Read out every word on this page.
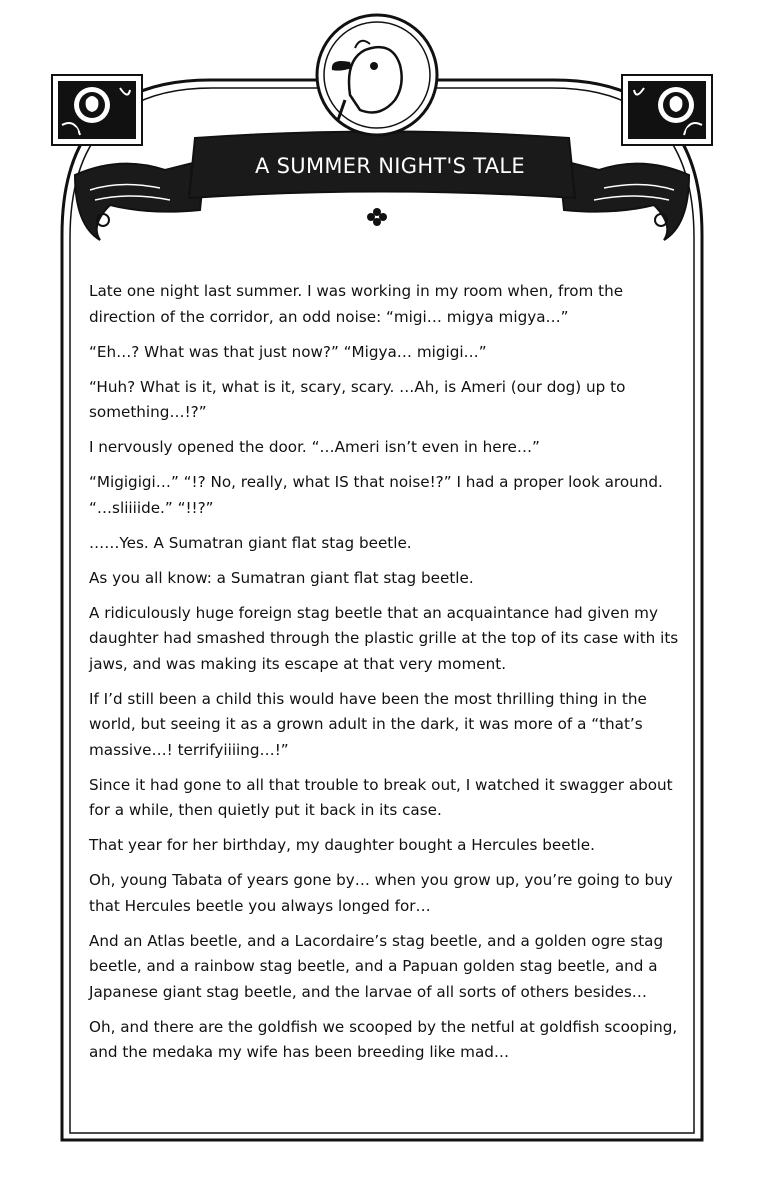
A SUMMER NIGHT'S TALE

Late one night last summer. I was working in my room when, from the direction of the corridor, an odd noise: “migi… migya migya…”

“Eh…? What was that just now?” “Migya… migigi…”

“Huh? What is it, what is it, scary, scary. …Ah, is Ameri (our dog) up to something…!?”

I nervously opened the door. “…Ameri isn’t even in here…”

“Migigigi…” “!? No, really, what IS that noise!?” I had a proper look around. “…sliiiide.” “!!?”

……Yes. A Sumatran giant flat stag beetle.

As you all know: a Sumatran giant flat stag beetle.

A ridiculously huge foreign stag beetle that an acquaintance had given my daughter had smashed through the plastic grille at the top of its case with its jaws, and was making its escape at that very moment.

If I’d still been a child this would have been the most thrilling thing in the world, but seeing it as a grown adult in the dark, it was more of a “that’s massive…! terrifyiiiing…!”

Since it had gone to all that trouble to break out, I watched it swagger about for a while, then quietly put it back in its case.

That year for her birthday, my daughter bought a Hercules beetle.

Oh, young Tabata of years gone by… when you grow up, you’re going to buy that Hercules beetle you always longed for…

And an Atlas beetle, and a Lacordaire’s stag beetle, and a golden ogre stag beetle, and a rainbow stag beetle, and a Papuan golden stag beetle, and a Japanese giant stag beetle, and the larvae of all sorts of others besides…

Oh, and there are the goldfish we scooped by the netful at goldfish scooping, and the medaka my wife has been breeding like mad…
